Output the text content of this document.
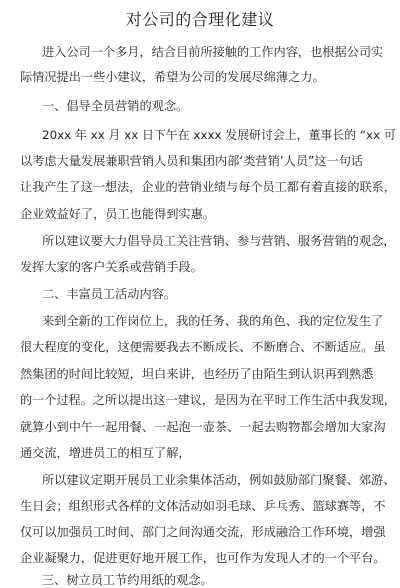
对公司的合理化建议
进入公司一个多月，结合目前所接触的工作内容，也根据公司实
际情况提出一些小建议，希望为公司的发展尽绵薄之力。
一、倡导全员营销的观念。
20xx 年 xx 月 xx 日下午在 xxxx 发展研讨会上，董事长的 “xx 可
以考虑大量发展兼职营销人员和集团内部‘类营销’人员”这一句话
让我产生了这一想法，企业的营销业绩与每个员工都有着直接的联系，
企业效益好了，员工也能得到实惠。
所以建议要大力倡导员工关注营销、参与营销、服务营销的观念，
发挥大家的客户关系或营销手段。
二、丰富员工活动内容。
来到全新的工作岗位上，我的任务、我的角色、我的定位发生了
很大程度的变化，这便需要我去不断成长、不断磨合、不断适应。虽
然集团的时间比较短，坦白来讲，也经历了由陌生到认识再到熟悉
的一个过程。之所以提出这一建议，是因为在平时工作生活中我发现，
就算小到中午一起用餐、一起泡一壶茶、一起去购物都会增加大家沟
通交流，增进员工的相互了解，
所以建议定期开展员工业余集体活动，例如鼓励部门聚餐、郊游、
生日会；组织形式各样的文体活动如羽毛球、乒乓秀、篮球赛等，不
仅可以加强员工时间、部门之间沟通交流，形成融洽工作环境，增强
企业凝聚力，促进更好地开展工作，也可作为发现人才的一个平台。
三、树立员工节约用纸的观念。
